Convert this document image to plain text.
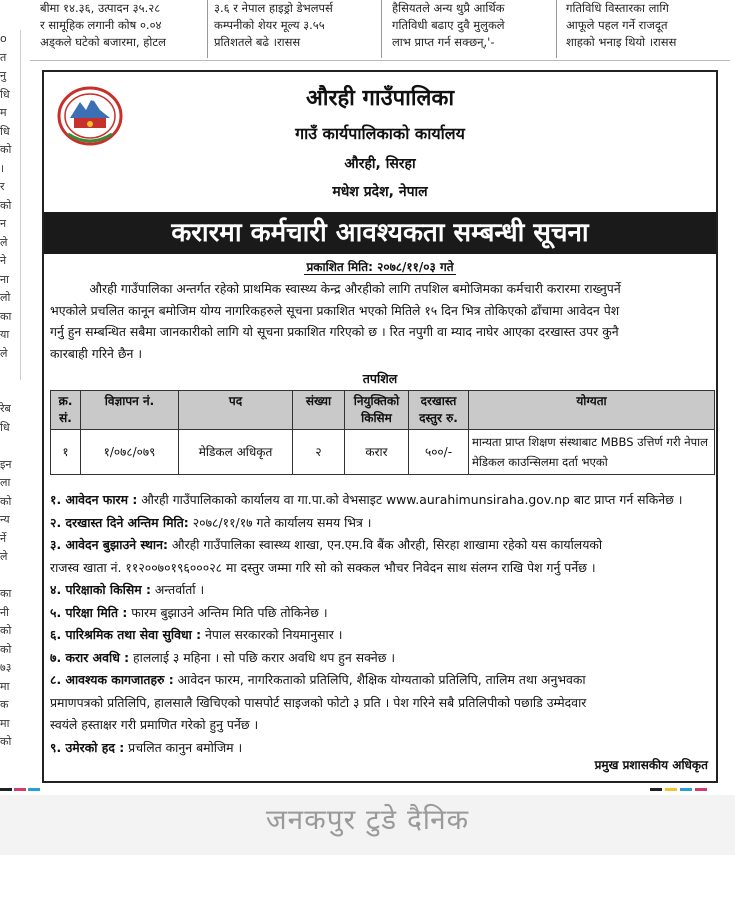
बीमा १४.३६, उत्पादन ३५.२८
र सामूहिक लगानी कोष ०.०४
अड्कले घटेको बजारमा, होटल
३.६ र नेपाल हाइड्रो डेभलपर्स
कम्पनीको शेयर मूल्य ३.५५
प्रतिशतले बढे ।रासस
हैसियतले अन्य थुप्रै आर्थिक
गतिविधी बढाए दुवै मुलुकले
लाभ प्राप्त गर्न सक्छन्,'-
गतिविधि विस्तारका लागि
आफूले पहल गर्ने राजदूत
शाहको भनाइ थियो ।रासस
o
त
नु
धि
म
धि
को
।
र
को
न
ले
ने
ना
लो
का
या
ले
रेब
धि
इन
ला
को
न्य
र्ने
ले
का
नी
को
को
७३
मा
क
मा
को
औरही गाउँपालिका
गाउँ कार्यपालिकाको कार्यालय
औरही, सिरहा
मधेश प्रदेश, नेपाल
करारमा कर्मचारी आवश्यकता सम्बन्धी सूचना
प्रकाशित मिति: २०७८/११/०३ गते
औरही गाउँपालिका अन्तर्गत रहेको प्राथमिक स्वास्थ्य केन्द्र औरहीको लागि तपशिल बमोजिमका कर्मचारी करारमा राख्नुपर्ने
भएकोले प्रचलित कानून बमोजिम योग्य नागरिकहरुले सूचना प्रकाशित भएको मितिले १५ दिन भित्र तोकिएको ढाँचामा आवेदन पेश
गर्नु हुन सम्बन्धित सबैमा जानकारीको लागि यो सूचना प्रकाशित गरिएको छ । रित नपुगी वा म्याद नाघेर आएका दरखास्त उपर कुनै
कारबाही गरिने छैन ।
तपशिल
क्र. सं.	विज्ञापन नं.	पद	संख्या	नियुक्तिको किसिम	दरखास्त दस्तुर रु.	योग्यता
१	१/०७८/०७९	मेडिकल अधिकृत	२	करार	५००/-	मान्यता प्राप्त शिक्षण संस्थाबाट MBBS उत्तिर्ण गरी नेपाल मेडिकल काउन्सिलमा दर्ता भएको
१. आवेदन फारम : औरही गाउँपालिकाको कार्यालय वा गा.पा.को वेभसाइट www.aurahimunsiraha.gov.np बाट प्राप्त गर्न सकिनेछ ।
२. दरखास्त दिने अन्तिम मिति: २०७८/११/१७ गते कार्यालय समय भित्र ।
३. आवेदन बुझाउने स्थान: औरही गाउँपालिका स्वास्थ्य शाखा, एन.एम.वि बैंक औरही, सिरहा शाखामा रहेको यस कार्यालयको
राजस्व खाता नं. ११२००७०१९६०००२८ मा दस्तुर जम्मा गरि सो को सक्कल भौचर निवेदन साथ संलग्न राखि पेश गर्नु पर्नेछ ।
४. परिक्षाको किसिम : अन्तर्वार्ता ।
५. परिक्षा मिति : फारम बुझाउने अन्तिम मिति पछि तोकिनेछ ।
६. पारिश्रमिक तथा सेवा सुविधा : नेपाल सरकारको नियमानुसार ।
७. करार अवधि : हाललाई ३ महिना । सो पछि करार अवधि थप हुन सक्नेछ ।
८. आवश्यक कागजातहरु : आवेदन फारम, नागरिकताको प्रतिलिपि, शैक्षिक योग्यताको प्रतिलिपि, तालिम तथा अनुभवका
प्रमाणपत्रको प्रतिलिपि, हालसालै खिचिएको पासपोर्ट साइजको फोटो ३ प्रति । पेश गरिने सबै प्रतिलिपीको पछाडि उम्मेदवार
स्वयंले हस्ताक्षर गरी प्रमाणित गरेको हुनु पर्नेछ ।
९. उमेरको हद : प्रचलित कानुन बमोजिम ।
प्रमुख प्रशासकीय अधिकृत
जनकपुर टुडे दैनिक
